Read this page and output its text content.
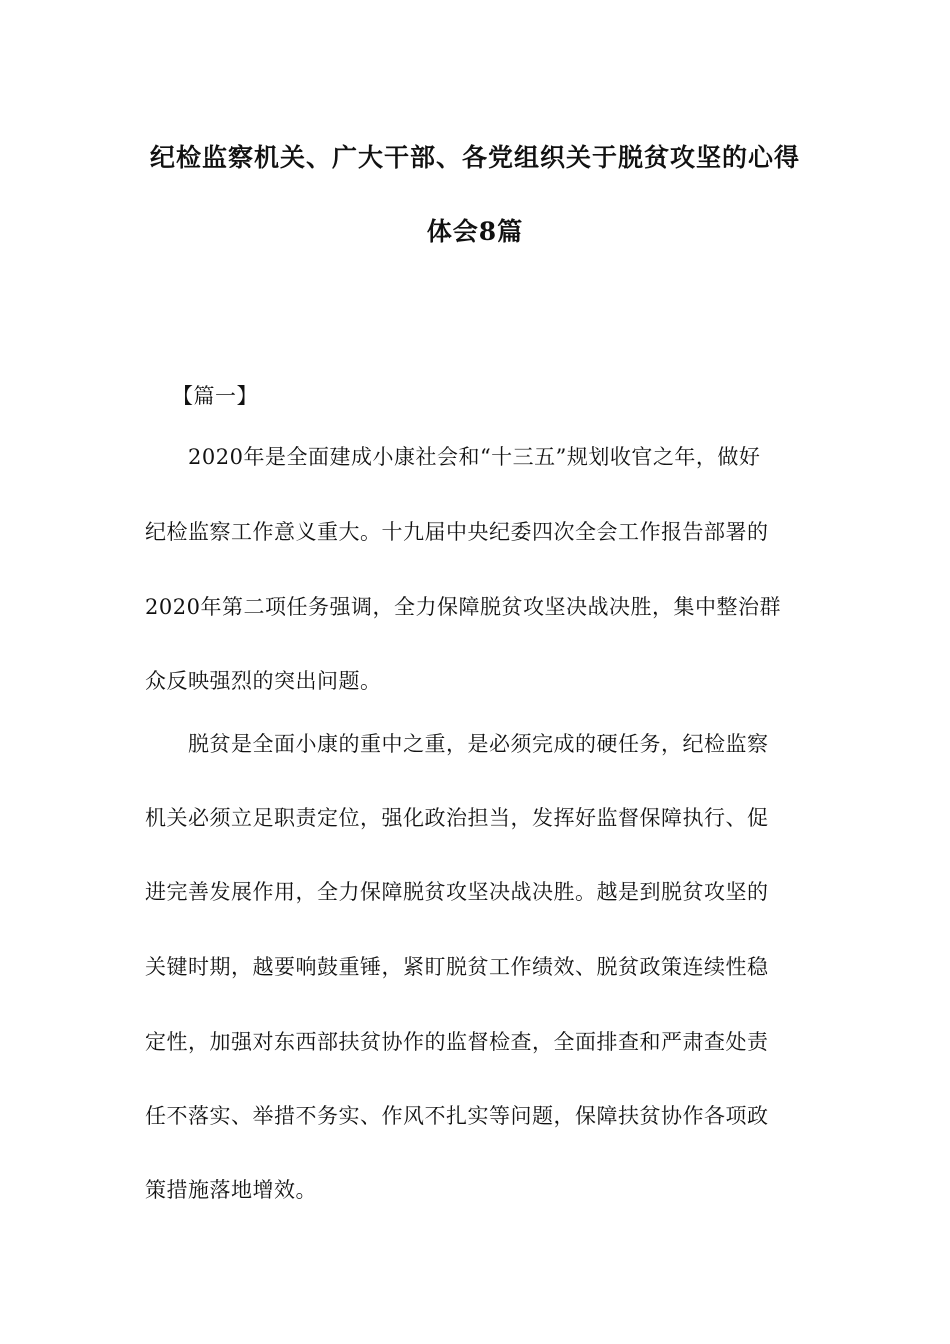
纪检监察机关、广大干部、各党组织关于脱贫攻坚的心得
体会8篇
【篇一】
2020年是全面建成小康社会和“十三五”规划收官之年，做好
纪检监察工作意义重大。十九届中央纪委四次全会工作报告部署的
2020年第二项任务强调，全力保障脱贫攻坚决战决胜，集中整治群
众反映强烈的突出问题。
脱贫是全面小康的重中之重，是必须完成的硬任务，纪检监察
机关必须立足职责定位，强化政治担当，发挥好监督保障执行、促
进完善发展作用，全力保障脱贫攻坚决战决胜。越是到脱贫攻坚的
关键时期，越要响鼓重锤，紧盯脱贫工作绩效、脱贫政策连续性稳
定性，加强对东西部扶贫协作的监督检查，全面排查和严肃查处责
任不落实、举措不务实、作风不扎实等问题，保障扶贫协作各项政
策措施落地增效。
